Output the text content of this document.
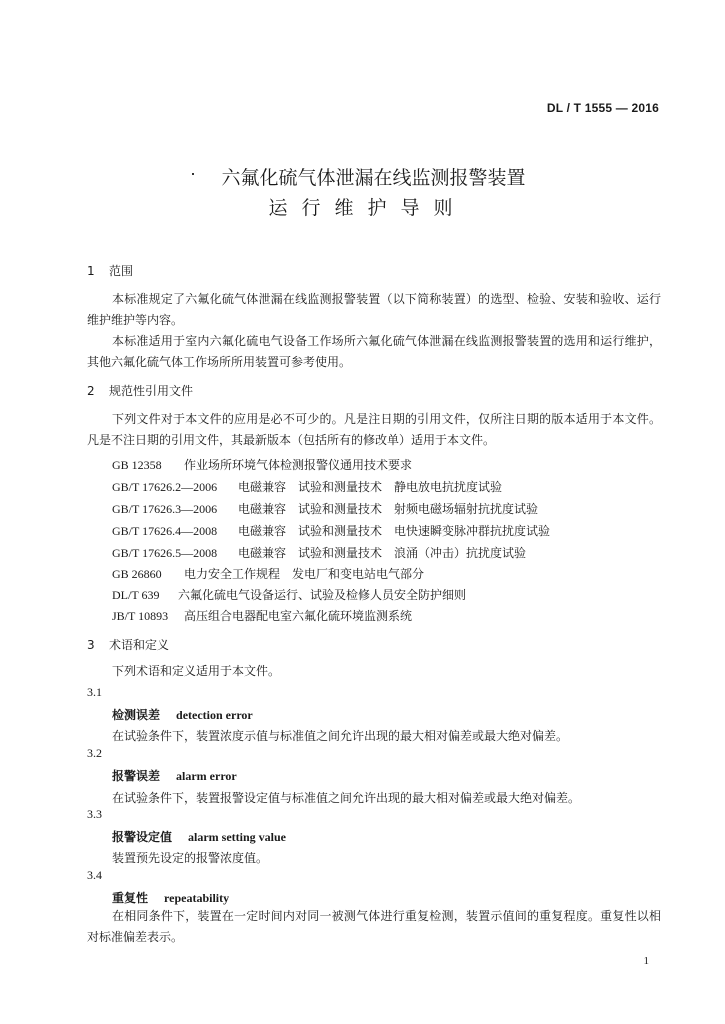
DL / T 1555 — 2016
六氟化硫气体泄漏在线监测报警装置
运行维护导则
1 范围
本标准规定了六氟化硫气体泄漏在线监测报警装置（以下简称装置）的选型、检验、安装和验收、运行维护维护等内容。
本标准适用于室内六氟化硫电气设备工作场所六氟化硫气体泄漏在线监测报警装置的选用和运行维护，其他六氟化硫气体工作场所所用装置可参考使用。
2 规范性引用文件
下列文件对于本文件的应用是必不可少的。凡是注日期的引用文件，仅所注日期的版本适用于本文件。凡是不注日期的引用文件，其最新版本（包括所有的修改单）适用于本文件。
GB 12358 作业场所环境气体检测报警仪通用技术要求
GB/T 17626.2—2006 电磁兼容　试验和测量技术　静电放电抗扰度试验
GB/T 17626.3—2006 电磁兼容　试验和测量技术　射频电磁场辐射抗扰度试验
GB/T 17626.4—2008 电磁兼容　试验和测量技术　电快速瞬变脉冲群抗扰度试验
GB/T 17626.5—2008 电磁兼容　试验和测量技术　浪涌（冲击）抗扰度试验
GB 26860 电力安全工作规程　发电厂和变电站电气部分
DL/T 639 六氟化硫电气设备运行、试验及检修人员安全防护细则
JB/T 10893 高压组合电器配电室六氟化硫环境监测系统
3 术语和定义
下列术语和定义适用于本文件。
3.1
检测误差 detection error
在试验条件下，装置浓度示值与标准值之间允许出现的最大相对偏差或最大绝对偏差。
3.2
报警误差 alarm error
在试验条件下，装置报警设定值与标准值之间允许出现的最大相对偏差或最大绝对偏差。
3.3
报警设定值 alarm setting value
装置预先设定的报警浓度值。
3.4
重复性 repeatability
在相同条件下，装置在一定时间内对同一被测气体进行重复检测，装置示值间的重复程度。重复性以相对标准偏差表示。
1
